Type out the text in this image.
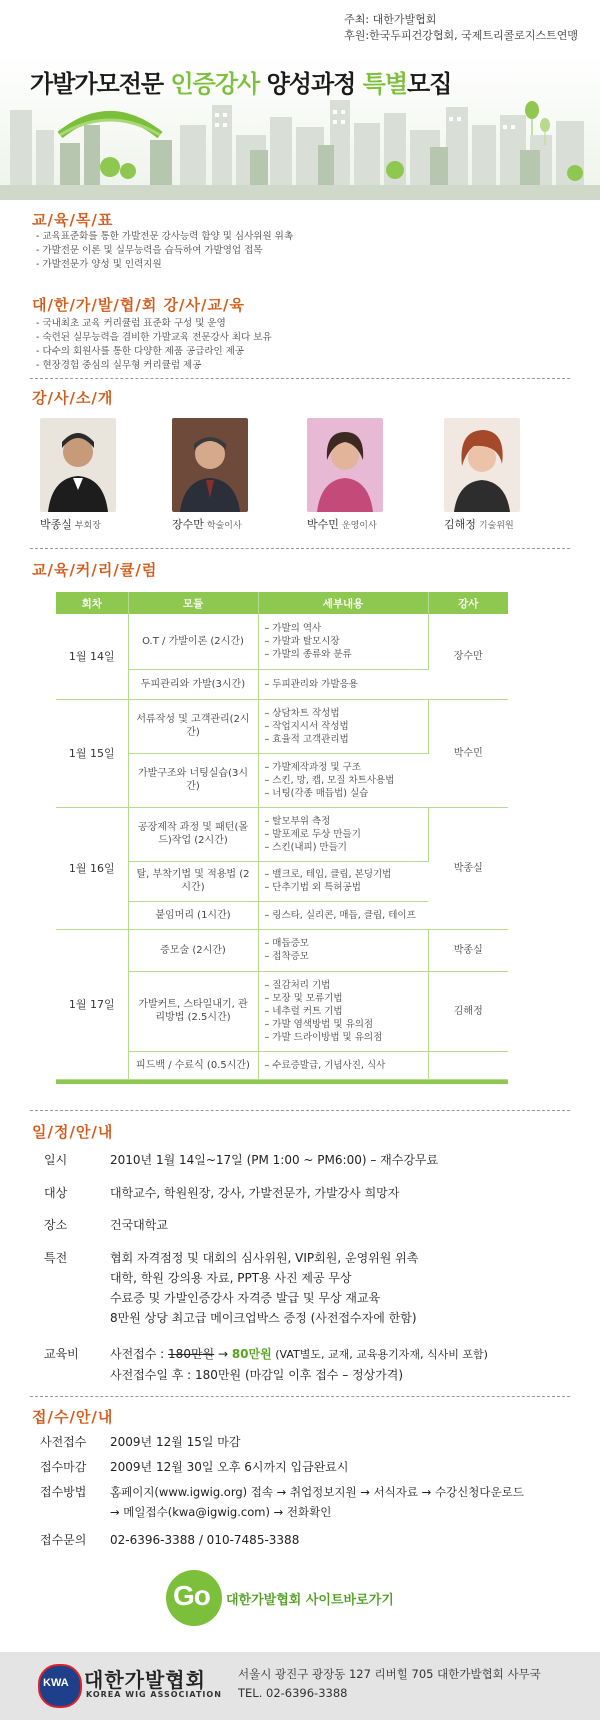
주최: 대한가발협회
후원:한국두피건강협회, 국제트리콜로지스트연맹
가발가모전문 인증강사 양성과정 특별모집
교/육/목/표
- 교육표준화를 통한 가발전문 강사능력 함양 및 심사위원 위촉
- 가발전문 이론 및 실무능력을 습득하여 가발영업 접목
- 가발전문가 양성 및 인력지원
대/한/가/발/협/회 강/사/교/육
- 국내최초 교육 커리큘럼 표준화 구성 및 운영
- 숙련된 실무능력을 겸비한 가발교육 전문강사 최다 보유
- 다수의 회원사를 통한 다양한 제품 공급라인 제공
- 현장경험 중심의 실무형 커리큘럼 제공
강/사/소/개
박종실 부회장	장수만 학술이사	박수민 운영이사	김해정 기술위원
교/육/커/리/큘/럼
회차	모듈	세부내용	강사
1월 14일	O.T / 가발이론 (2시간)	– 가발의 역사
– 가발과 탈모시장
– 가발의 종류와 분류	장수만
	두피관리와 가발(3시간)	– 두피관리와 가발응용	

1월 15일	서류작성 및 고객관리(2시간)	– 상담차트 작성법
– 작업지시서 작성법
– 효율적 고객관리법	박수민
	가발구조와 너팅실습(3시간)	– 가발제작과정 및 구조
– 스킨, 망, 캡, 모질 차트사용법
– 너팅(각종 매듭법) 실습	

1월 16일	공장제작 과정 및 패턴(몰드)작업 (2시간)	– 탈모부위 측정
– 발포제로 두상 만들기
– 스킨(내피) 만들기	박종실
	탈, 부착기법 및 적용법 (2시간)	– 밸크로, 테입, 클립, 본딩기법
– 단추기법 외 특허공법	

	붙임머리 (1시간)	– 링스타, 실리콘, 매듭, 클립, 테이프	

1월 17일	증모술 (2시간)	– 매듭증모
– 접착증모	박종실
	가발커트, 스타일내기, 관리방법 (2.5시간)	– 질감처리 기법
– 모장 및 모류기법
– 네추럴 커트 기법
– 가발 염색방법 및 유의점
– 가발 드라이방법 및 유의점	김해정
	피드백 / 수료식 (0.5시간)	– 수료증발급, 기념사진, 식사	

일/정/안/내
일시	2010년 1월 14일~17일 (PM 1:00 ~ PM6:00) – 재수강무료
대상	대학교수, 학원원장, 강사, 가발전문가, 가발강사 희망자
장소	건국대학교
특전	협회 자격점정 및 대회의 심사위원, VIP회원, 운영위원 위촉
대학, 학원 강의용 자료, PPT용 사진 제공 무상
수료증 및 가발인증강사 자격증 발급 및 무상 재교육
8만원 상당 최고급 메이크업박스 증정 (사전접수자에 한함)
교육비	사전접수 : 180만원 → 80만원 (VAT별도, 교재, 교육용기자재, 식사비 포함)
사전접수일 후 : 180만원 (마감일 이후 접수 – 정상가격)
접/수/안/내
사전접수 2009년 12월 15일 마감
접수마감 2009년 12월 30일 오후 6시까지 입금완료시
접수방법 홈페이지(www.igwig.org) 접속 → 취업정보지원 → 서식자료 → 수강신청다운로드
→ 메일접수(kwa@igwig.com) → 전화확인
접수문의 02-6396-3388 / 010-7485-3388
Go 대한가발협회 사이트바로가기
KWA 대한가발협회
KOREA WIG ASSOCIATION
서울시 광진구 광장동 127 리버힐 705 대한가발협회 사무국
TEL. 02-6396-3388
